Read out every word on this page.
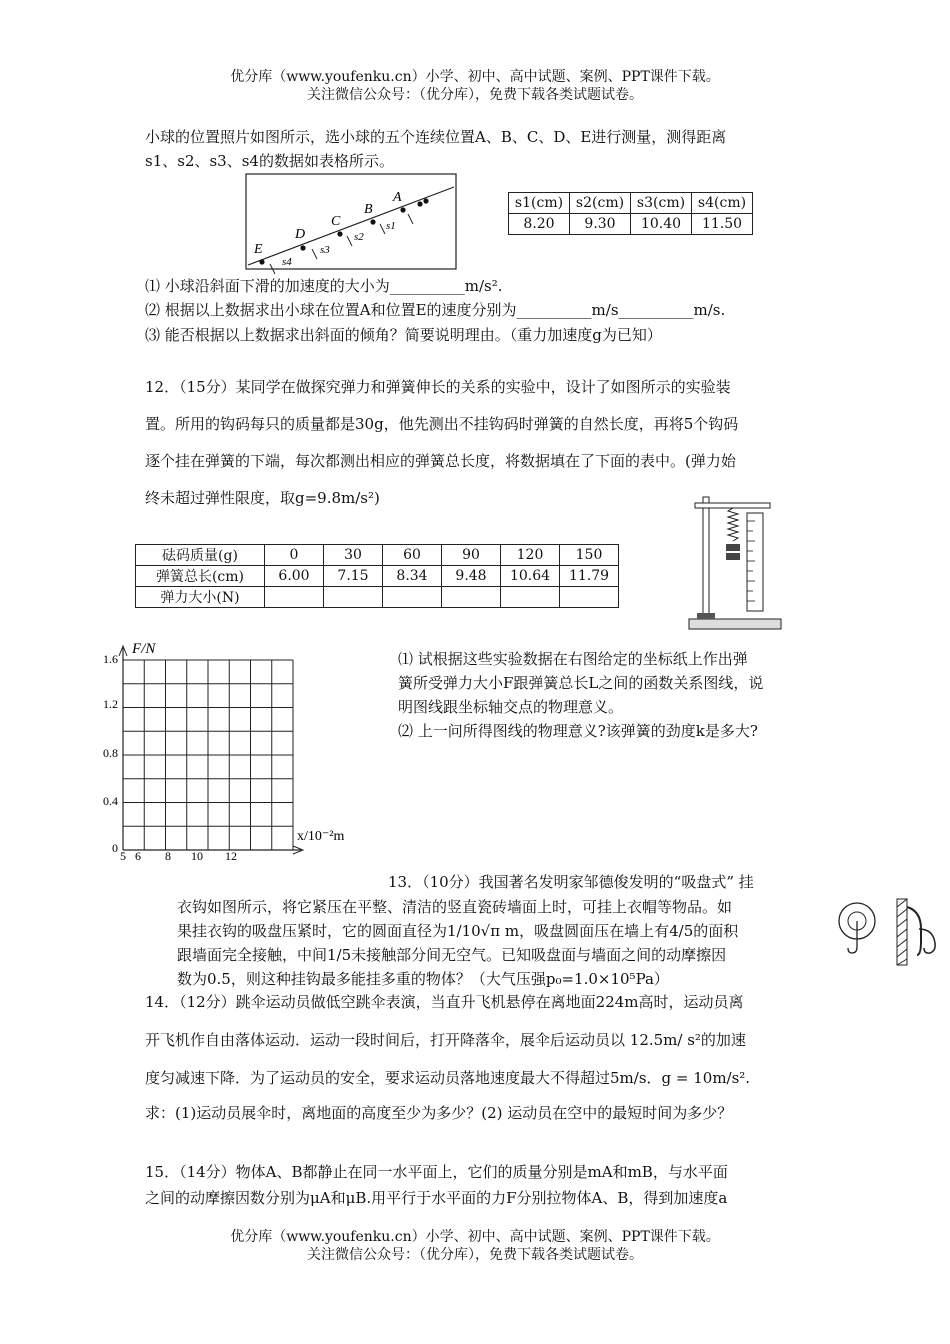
优分库（www.youfenku.cn）小学、初中、高中试题、案例、PPT课件下载。
关注微信公众号：（优分库），免费下载各类试题试卷。
小球的位置照片如图所示，选小球的五个连续位置A、B、C、D、E进行测量，测得距离
s1、s2、s3、s4的数据如表格所示。
A
B
C
D
E
s1
s2
s3
s4
s1(cm)	s2(cm)	s3(cm)	s4(cm)
8.20	9.30	10.40	11.50
⑴ 小球沿斜面下滑的加速度的大小为__________m/s².
⑵ 根据以上数据求出小球在位置A和位置E的速度分别为__________m/s__________m/s.
⑶ 能否根据以上数据求出斜面的倾角？简要说明理由。（重力加速度g为已知）
12．（15分）某同学在做探究弹力和弹簧伸长的关系的实验中，设计了如图所示的实验装
置。所用的钩码每只的质量都是30g，他先测出不挂钩码时弹簧的自然长度，再将5个钩码
逐个挂在弹簧的下端，每次都测出相应的弹簧总长度，将数据填在了下面的表中。(弹力始
终未超过弹性限度，取g=9.8m/s²)
砝码质量(g)	0	30	60	90	120	150
弹簧总长(cm)	6.00	7.15	8.34	9.48	10.64	11.79
弹力大小(N)						
F/N
x/10⁻²m
1.6
1.2
0.8
0.4
0
5 6 8 10 12
⑴ 试根据这些实验数据在右图给定的坐标纸上作出弹
簧所受弹力大小F跟弹簧总长L之间的函数关系图线，说
明图线跟坐标轴交点的物理意义。
⑵ 上一问所得图线的物理意义?该弹簧的劲度k是多大?
13．（10分）我国著名发明家邹德俊发明的“吸盘式” 挂
衣钩如图所示，将它紧压在平整、清洁的竖直瓷砖墙面上时，可挂上衣帽等物品。如
果挂衣钩的吸盘压紧时，它的圆面直径为1/10√π m，吸盘圆面压在墙上有4/5的面积
跟墙面完全接触，中间1/5未接触部分间无空气。已知吸盘面与墙面之间的动摩擦因
数为0.5，则这种挂钩最多能挂多重的物体？（大气压强p₀=1.0×10⁵Pa）
14．（12分）跳伞运动员做低空跳伞表演，当直升飞机悬停在离地面224m高时，运动员离
开飞机作自由落体运动．运动一段时间后，打开降落伞，展伞后运动员以 12.5m/ s²的加速
度匀减速下降．为了运动员的安全，要求运动员落地速度最大不得超过5m/s．g = 10m/s².
求：(1)运动员展伞时，离地面的高度至少为多少？(2) 运动员在空中的最短时间为多少？
15．（14分）物体A、B都静止在同一水平面上，它们的质量分别是mA和mB，与水平面
之间的动摩擦因数分别为μA和μB.用平行于水平面的力F分别拉物体A、B，得到加速度a
优分库（www.youfenku.cn）小学、初中、高中试题、案例、PPT课件下载。
关注微信公众号：（优分库），免费下载各类试题试卷。
